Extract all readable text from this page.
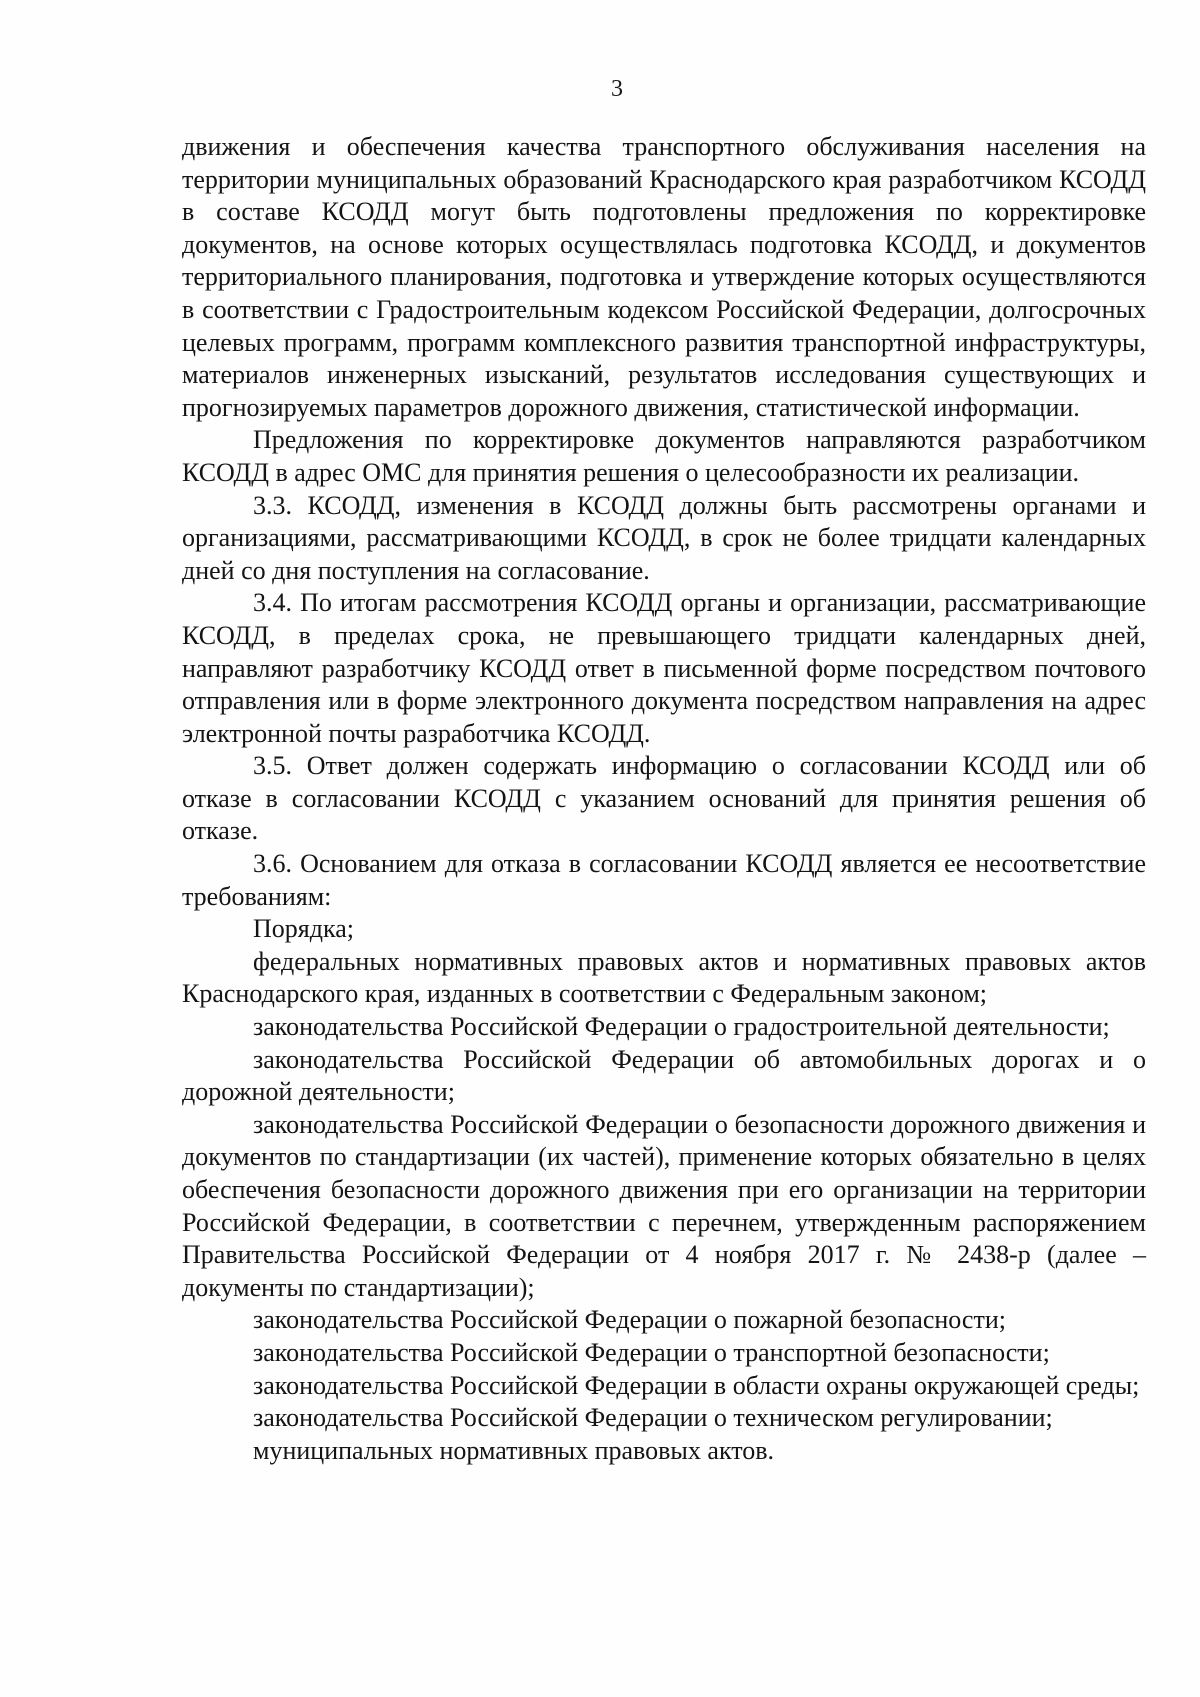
3

движения и обеспечения качества транспортного обслуживания населения на территории муниципальных образований Краснодарского края разработчиком КСОДД в составе КСОДД могут быть подготовлены предложения по корректировке документов, на основе которых осуществлялась подготовка КСОДД, и документов территориального планирования, подготовка и утверждение которых осуществляются в соответствии с Градостроительным кодексом Российской Федерации, долгосрочных целевых программ, программ комплексного развития транспортной инфраструктуры, материалов инженерных изысканий, результатов исследования существующих и прогнозируемых параметров дорожного движения, статистической информации.

Предложения по корректировке документов направляются разработчиком КСОДД в адрес ОМС для принятия решения о целесообразности их реализации.

3.3. КСОДД, изменения в КСОДД должны быть рассмотрены органами и организациями, рассматривающими КСОДД, в срок не более тридцати календарных дней со дня поступления на согласование.

3.4. По итогам рассмотрения КСОДД органы и организации, рассматривающие КСОДД, в пределах срока, не превышающего тридцати календарных дней, направляют разработчику КСОДД ответ в письменной форме посредством почтового отправления или в форме электронного документа посредством направления на адрес электронной почты разработчика КСОДД.

3.5. Ответ должен содержать информацию о согласовании КСОДД или об отказе в согласовании КСОДД с указанием оснований для принятия решения об отказе.

3.6. Основанием для отказа в согласовании КСОДД является ее несоответствие требованиям:

Порядка;

федеральных нормативных правовых актов и нормативных правовых актов Краснодарского края, изданных в соответствии с Федеральным законом;

законодательства Российской Федерации о градостроительной деятельности;

законодательства Российской Федерации об автомобильных дорогах и о дорожной деятельности;

законодательства Российской Федерации о безопасности дорожного движения и документов по стандартизации (их частей), применение которых обязательно в целях обеспечения безопасности дорожного движения при его организации на территории Российской Федерации, в соответствии с перечнем, утвержденным распоряжением Правительства Российской Федерации от 4 ноября 2017 г. № 2438-р (далее – документы по стандартизации);

законодательства Российской Федерации о пожарной безопасности;

законодательства Российской Федерации о транспортной безопасности;

законодательства Российской Федерации в области охраны окружающей среды;

законодательства Российской Федерации о техническом регулировании;

муниципальных нормативных правовых актов.
